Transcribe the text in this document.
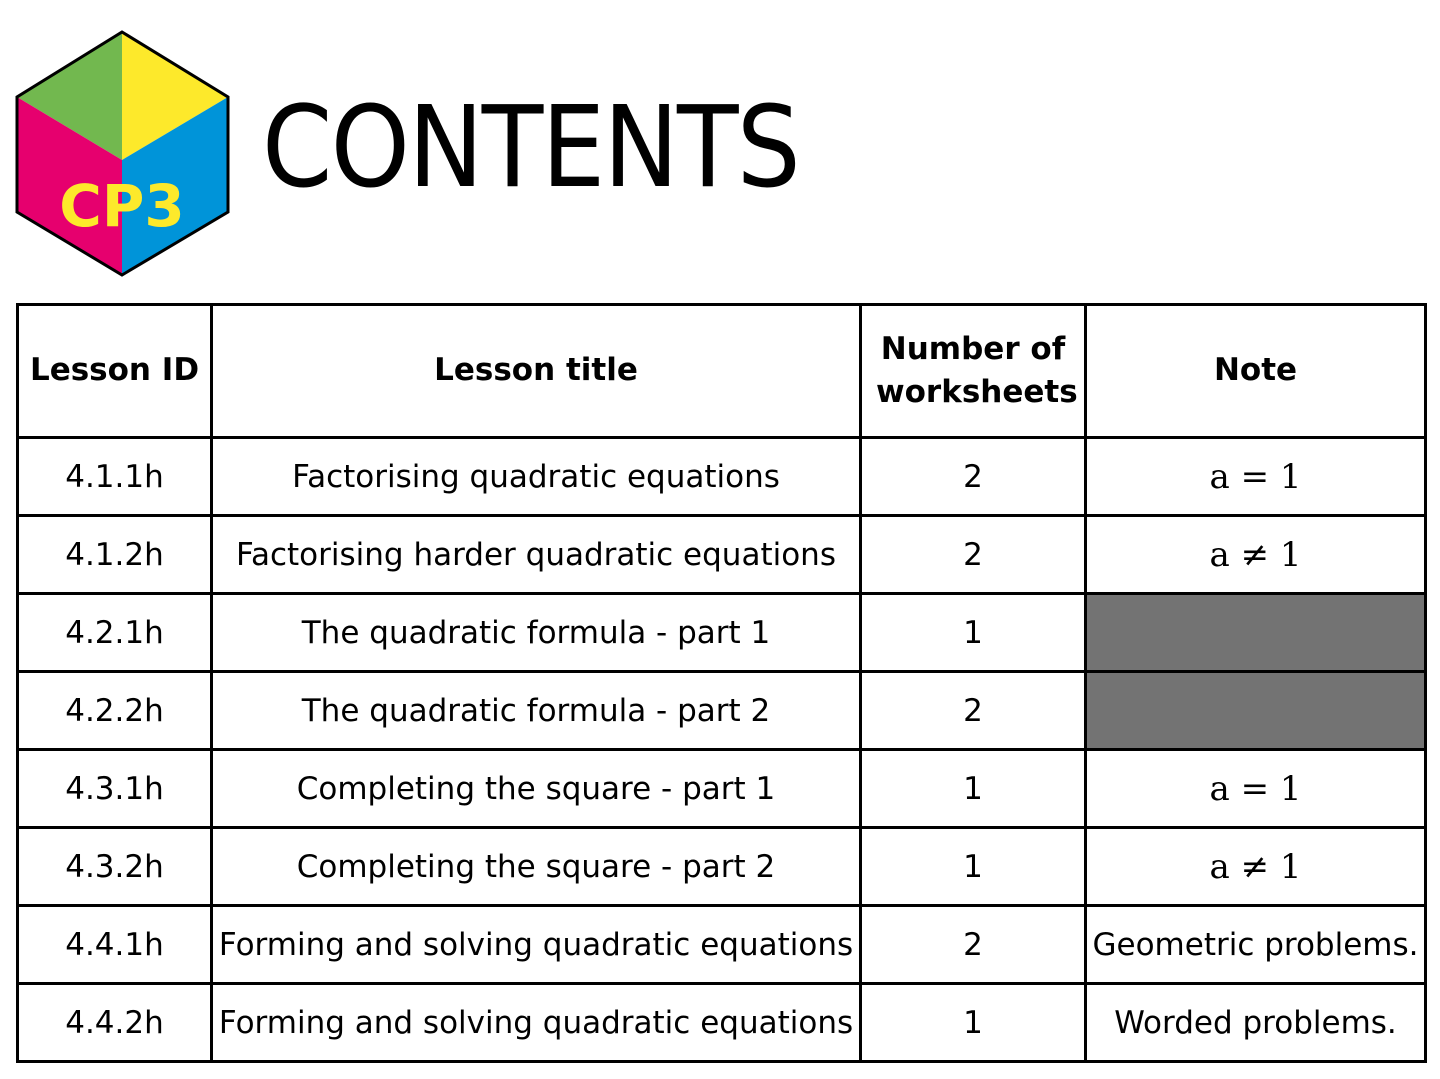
CP3 CONTENTS
Lesson ID	Lesson title	Number of worksheets	Note
4.1.1h	Factorising quadratic equations	2	a = 1
4.1.2h	Factorising harder quadratic equations	2	a ≠ 1
4.2.1h	The quadratic formula - part 1	1	
4.2.2h	The quadratic formula - part 2	2	
4.3.1h	Completing the square - part 1	1	a = 1
4.3.2h	Completing the square - part 2	1	a ≠ 1
4.4.1h	Forming and solving quadratic equations	2	Geometric problems.
4.4.2h	Forming and solving quadratic equations	1	Worded problems.
